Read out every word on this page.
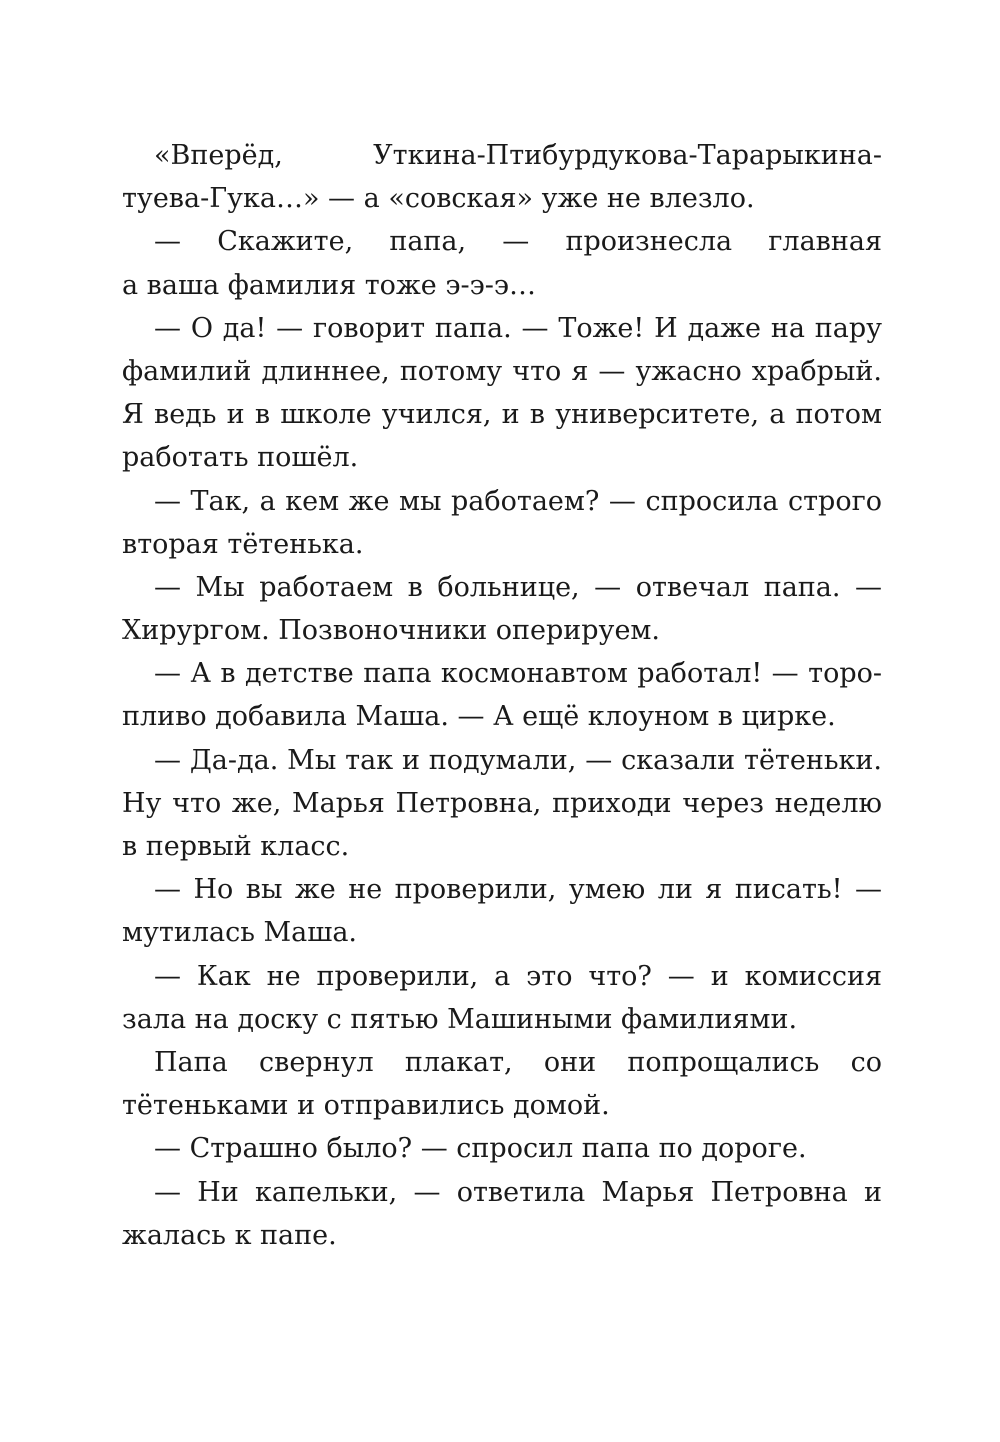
«Вперёд, Уткина-Птибурдукова-Тарарыкина-
туева-Гука…» — а «совская» уже не влезло.
— Скажите, папа, — произнесла главная
а ваша фамилия тоже э-э-э…
— О да! — говорит папа. — Тоже! И даже на пару
фамилий длиннее, потому что я — ужасно храбрый.
Я ведь и в школе учился, и в университете, а потом
работать пошёл.
— Так, а кем же мы работаем? — спросила строго
вторая тётенька.
— Мы работаем в больнице, — отвечал папа. —
Хирургом. Позвоночники оперируем.
— А в детстве папа космонавтом работал! — торо-
пливо добавила Маша. — А ещё клоуном в цирке.
— Да-да. Мы так и подумали, — сказали тётеньки.
Ну что же, Марья Петровна, приходи через неделю
в первый класс.
— Но вы же не проверили, умею ли я писать! —
мутилась Маша.
— Как не проверили, а это что? — и комиссия
зала на доску с пятью Машиными фамилиями.
Папа свернул плакат, они попрощались со
тётеньками и отправились домой.
— Страшно было? — спросил папа по дороге.
— Ни капельки, — ответила Марья Петровна и
жалась к папе.
